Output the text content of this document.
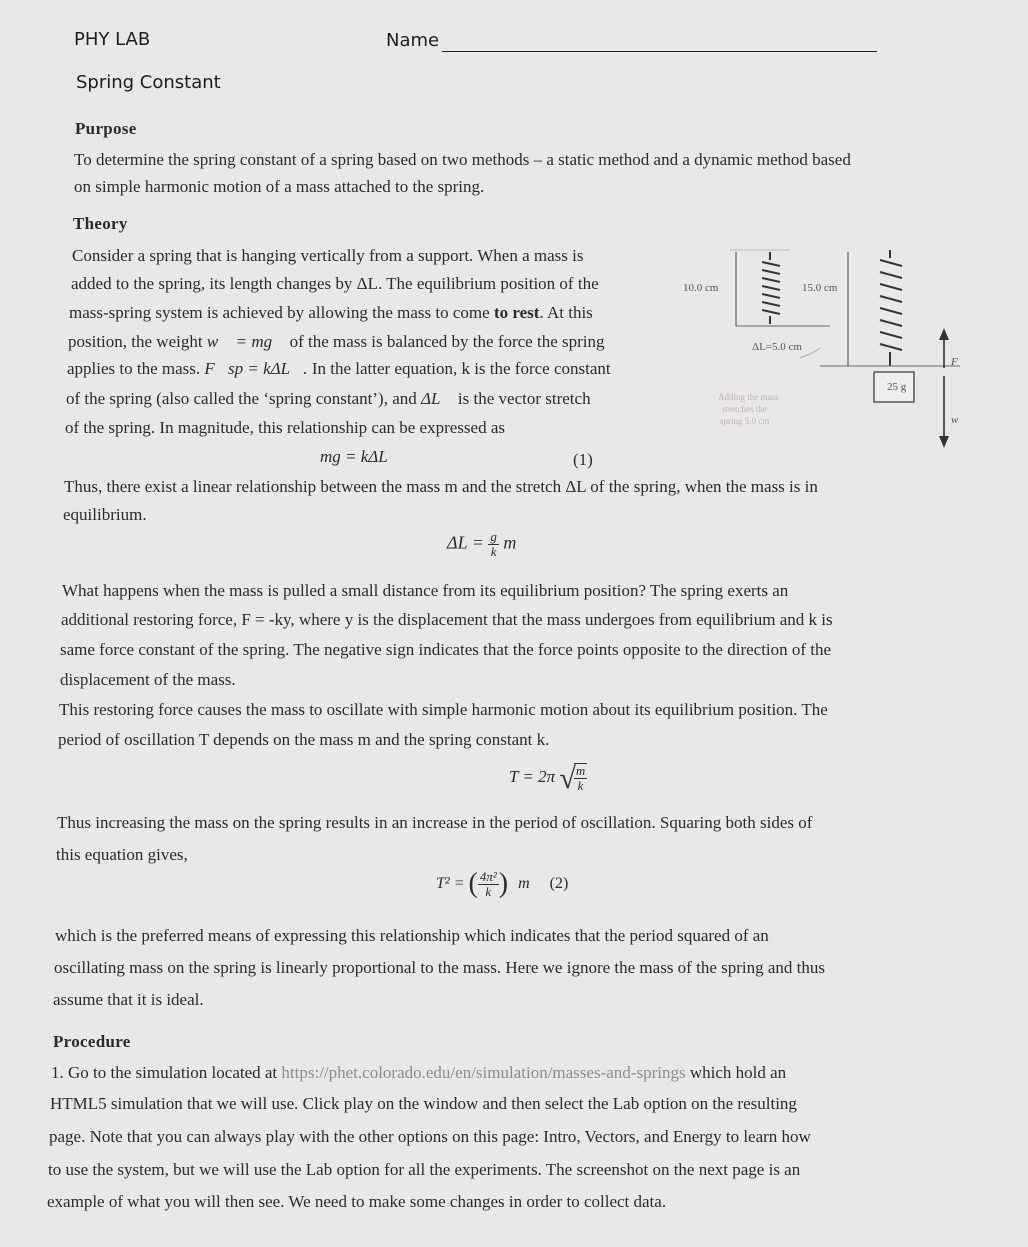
PHY LAB	Name
Spring Constant
Purpose
To determine the spring constant of a spring based on two methods – a static method and a dynamic method based
on simple harmonic motion of a mass attached to the spring.
Theory
Consider a spring that is hanging vertically from a support. When a mass is
added to the spring, its length changes by ΔL. The equilibrium position of the
mass-spring system is achieved by allowing the mass to come to rest. At this
position, the weight w⃗ = mg⃗ of the mass is balanced by the force the spring
applies to the mass. F⃗sp = kΔL⃗. In the latter equation, k is the force constant
of the spring (also called the ‘spring constant’), and ΔL⃗ is the vector stretch
of the spring. In magnitude, this relationship can be expressed as
10.0 cm	15.0 cm
ΔL=5.0 cm
25 g
F
w
Adding the mass
stretches the
spring 5.0 cm
mg = kΔL	(1)
Thus, there exist a linear relationship between the mass m and the stretch ΔL of the spring, when the mass is in
equilibrium.
$\Delta L = \frac{g}{k}$ m
What happens when the mass is pulled a small distance from its equilibrium position? The spring exerts an
additional restoring force, F = -ky, where y is the displacement that the mass undergoes from equilibrium and k is
same force constant of the spring. The negative sign indicates that the force points opposite to the direction of the
displacement of the mass.
This restoring force causes the mass to oscillate with simple harmonic motion about its equilibrium position. The
period of oscillation T depends on the mass m and the spring constant k.
T = 2π √
$\frac{m}{k}$
Thus increasing the mass on the spring results in an increase in the period of oscillation. Squaring both sides of
this equation gives,
T² = ( $\frac{\text{4π²}}{k}$ ) m (2)
which is the preferred means of expressing this relationship which indicates that the period squared of an
oscillating mass on the spring is linearly proportional to the mass. Here we ignore the mass of the spring and thus
assume that it is ideal.
Procedure
1. Go to the simulation located at https://phet.colorado.edu/en/simulation/masses-and-springs which hold an
HTML5 simulation that we will use. Click play on the window and then select the Lab option on the resulting
page. Note that you can always play with the other options on this page: Intro, Vectors, and Energy to learn how
to use the system, but we will use the Lab option for all the experiments. The screenshot on the next page is an
example of what you will then see. We need to make some changes in order to collect data.
